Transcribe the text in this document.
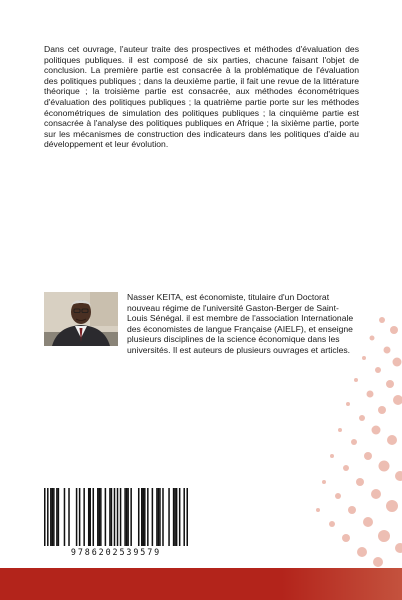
Dans cet ouvrage, l'auteur traite des prospectives et méthodes d'évaluation des politiques publiques. il est composé de six parties, chacune faisant l'objet de conclusion. La première partie est consacrée à la problématique de l'évaluation des politiques publiques ; dans la deuxième partie, il fait une revue de la littérature théorique ; la troisième partie est consacrée, aux méthodes économétriques d'évaluation des politiques publiques ; la quatrième partie porte sur les méthodes économétriques de simulation des politiques publiques ; la cinquième partie est consacrée à l'analyse des politiques publiques en Afrique ; la sixième partie, porte sur les mécanismes de construction des indicateurs dans les politiques d'aide au développement et leur évolution.

Nasser KEITA, est économiste, titulaire d'un Doctorat nouveau régime de l'université Gaston-Berger de Saint-Louis Sénégal. il est membre de l'association Internationale des économistes de langue Française (AIELF), et enseigne plusieurs disciplines de la science économique dans les universités. Il est auteurs de plusieurs ouvrages et articles.

9786202539579
